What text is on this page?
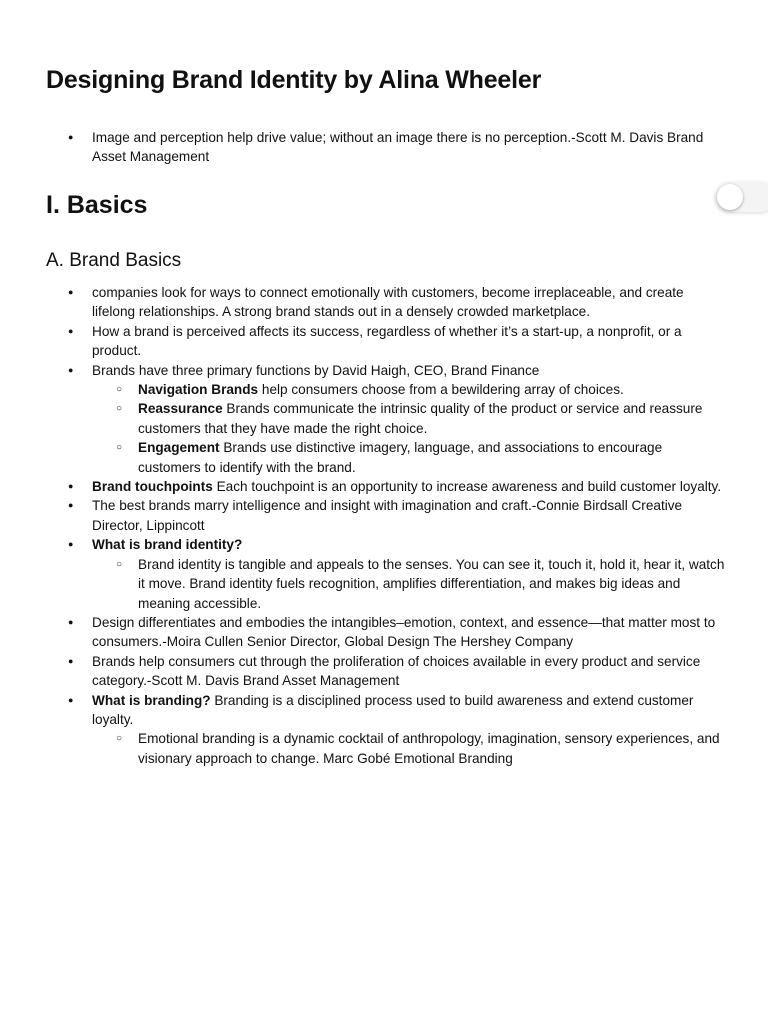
Designing Brand Identity by Alina Wheeler
● Image and perception help drive value; without an image there is no perception.-Scott M. Davis Brand Asset Management
I. Basics
A. Brand Basics
● companies look for ways to connect emotionally with customers, become irreplaceable, and create lifelong relationships. A strong brand stands out in a densely crowded marketplace.
● How a brand is perceived affects its success, regardless of whether it’s a start-up, a nonprofit, or a product.
● Brands have three primary functions by David Haigh, CEO, Brand Finance
○ Navigation Brands help consumers choose from a bewildering array of choices.
○ Reassurance Brands communicate the intrinsic quality of the product or service and reassure customers that they have made the right choice.
○ Engagement Brands use distinctive imagery, language, and associations to encourage customers to identify with the brand.
● Brand touchpoints Each touchpoint is an opportunity to increase awareness and build customer loyalty.
● The best brands marry intelligence and insight with imagination and craft.-Connie Birdsall Creative Director, Lippincott
● What is brand identity?
○ Brand identity is tangible and appeals to the senses. You can see it, touch it, hold it, hear it, watch it move. Brand identity fuels recognition, amplifies differentiation, and makes big ideas and meaning accessible.
● Design differentiates and embodies the intangibles–emotion, context, and essence—that matter most to consumers.-Moira Cullen Senior Director, Global Design The Hershey Company
● Brands help consumers cut through the proliferation of choices available in every product and service category.-Scott M. Davis Brand Asset Management
● What is branding? Branding is a disciplined process used to build awareness and extend customer loyalty.
○ Emotional branding is a dynamic cocktail of anthropology, imagination, sensory experiences, and visionary approach to change. Marc Gobé Emotional Branding
